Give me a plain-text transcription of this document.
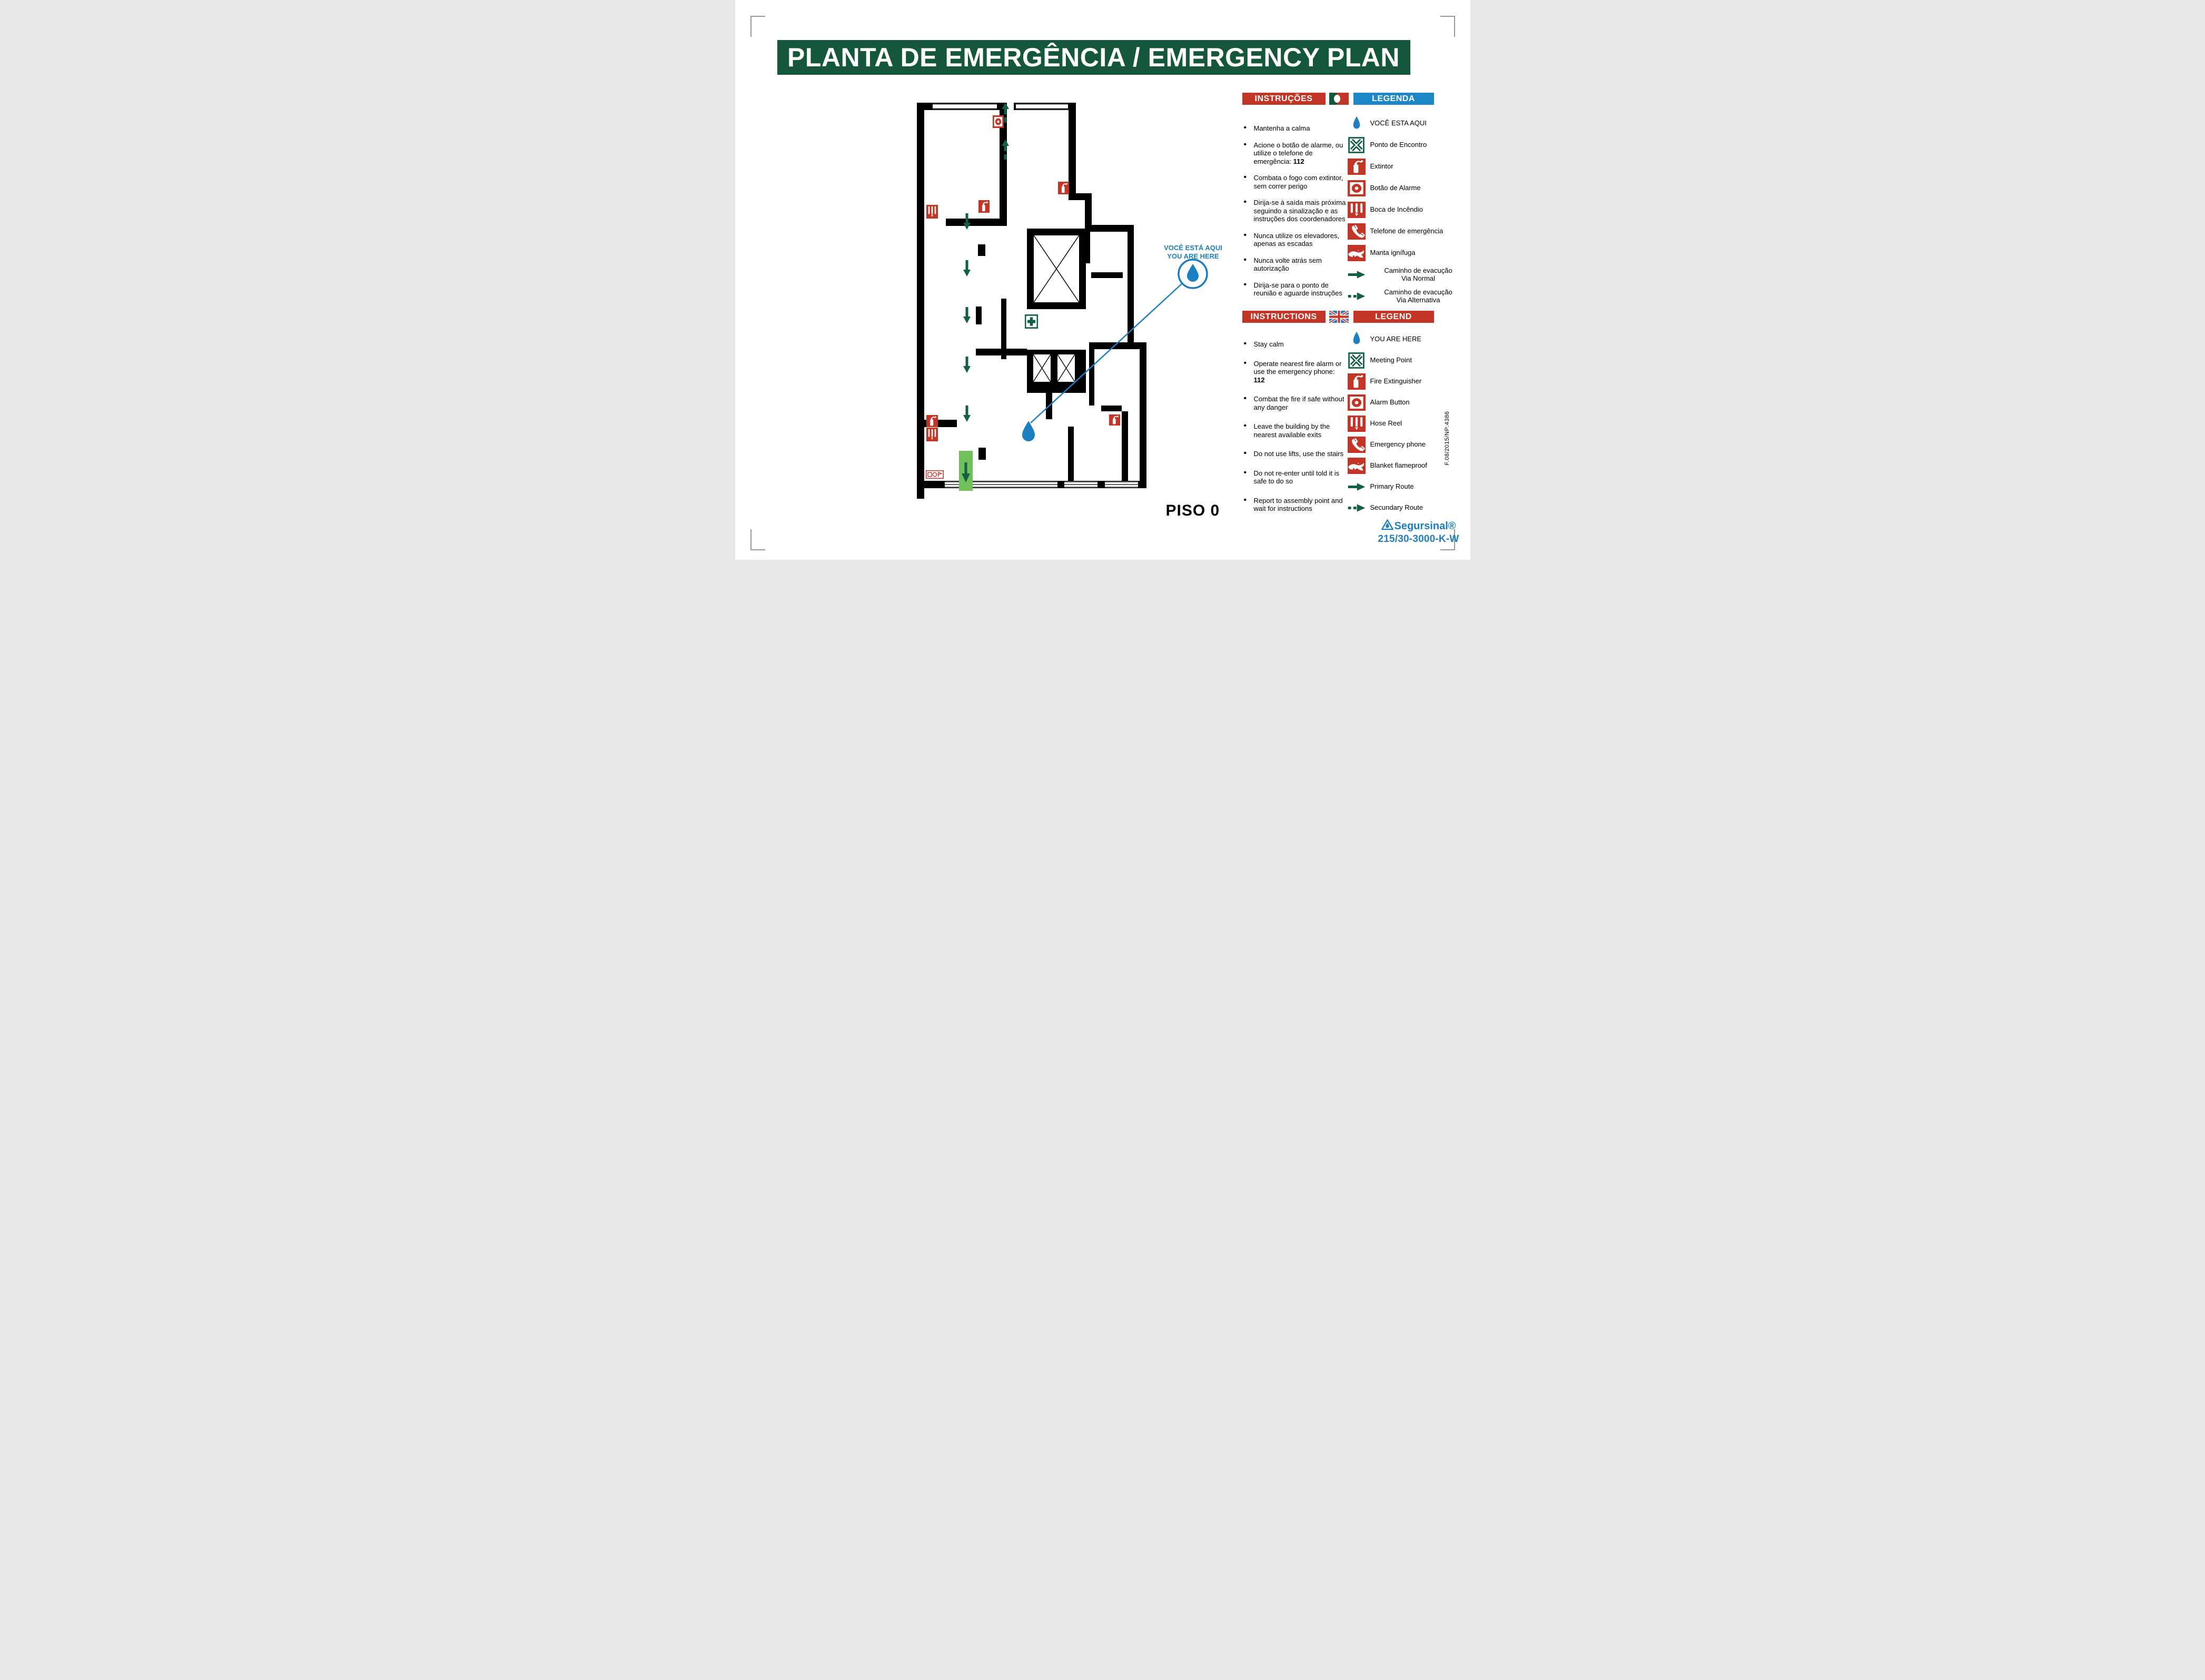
PLANTA DE EMERGÊNCIA / EMERGENCY PLAN
VOCÊ ESTÁ AQUI
YOU ARE HERE
PISO 0
INSTRUÇÕES	LEGENDA
• Mantenha a calma
• Acione o botão de alarme, ou utilize o telefone de emergência: 112
• Combata o fogo com extintor, sem correr perigo
• Dirija-se à saìda mais próxima seguindo a sinalização e as instruções dos coordenadores
• Nunca utilize os elevadores, apenas as escadas
• Nunca volte atrás sem autorização
• Dirija-se para o ponto de reunião e aguarde instruções
VOCÊ ESTA AQUI
Ponto de Encontro
Extintor
Botão de Alarme
Boca de Incêndio
Telefone de emergência
Manta ignífuga
Caminho de evacução
Via Normal
Caminho de evacução
Via Alternativa
INSTRUCTIONS	LEGEND
• Stay calm
• Operate nearest fire alarm or use the emergency phone: 112
• Combat the fire if safe without any danger
• Leave the building by the nearest available exits
• Do not use lifts, use the stairs
• Do not re-enter until told it is safe to do so
• Report to assembly point and wait for instructions
YOU ARE HERE
Meeting Point
Fire Extinguisher
Alarm Button
Hose Reel
Emergency phone
Blanket flameproof
Primary Route
Secundary Route
Segursinal®
215/30-3000-K-W
F.08/2015/NP:4386
